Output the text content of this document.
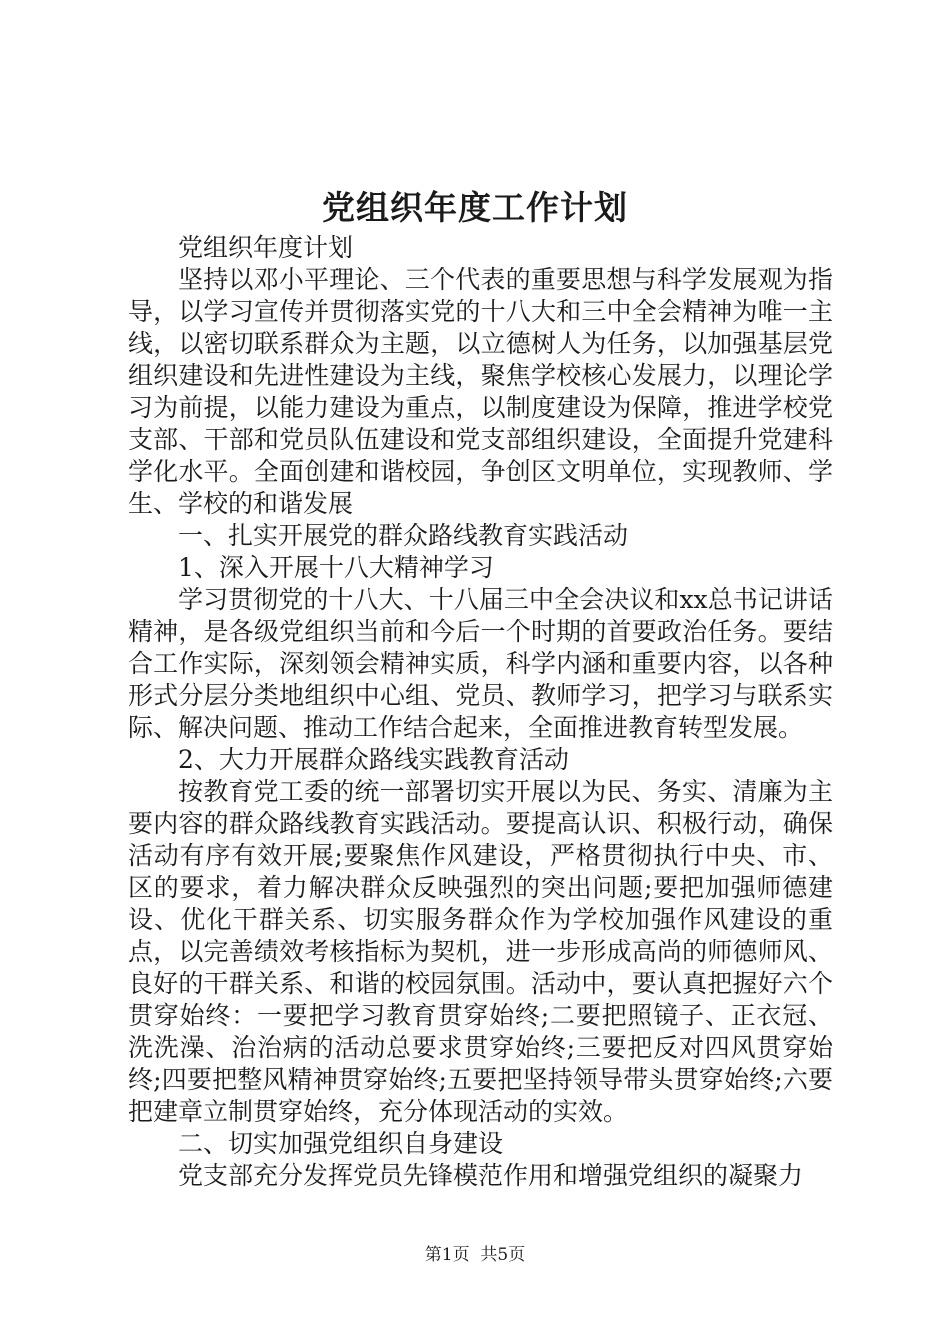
党组织年度工作计划

党组织年度计划

坚持以邓小平理论、三个代表的重要思想与科学发展观为指导，以学习宣传并贯彻落实党的十八大和三中全会精神为唯一主线，以密切联系群众为主题，以立德树人为任务，以加强基层党组织建设和先进性建设为主线，聚焦学校核心发展力，以理论学习为前提，以能力建设为重点，以制度建设为保障，推进学校党支部、干部和党员队伍建设和党支部组织建设，全面提升党建科学化水平。全面创建和谐校园，争创区文明单位，实现教师、学生、学校的和谐发展

一、扎实开展党的群众路线教育实践活动

1、深入开展十八大精神学习

学习贯彻党的十八大、十八届三中全会决议和xx总书记讲话精神，是各级党组织当前和今后一个时期的首要政治任务。要结合工作实际，深刻领会精神实质，科学内涵和重要内容，以各种形式分层分类地组织中心组、党员、教师学习，把学习与联系实际、解决问题、推动工作结合起来，全面推进教育转型发展。

2、大力开展群众路线实践教育活动

按教育党工委的统一部署切实开展以为民、务实、清廉为主要内容的群众路线教育实践活动。要提高认识、积极行动，确保活动有序有效开展;要聚焦作风建设，严格贯彻执行中央、市、区的要求，着力解决群众反映强烈的突出问题;要把加强师德建设、优化干群关系、切实服务群众作为学校加强作风建设的重点，以完善绩效考核指标为契机，进一步形成高尚的师德师风、良好的干群关系、和谐的校园氛围。活动中，要认真把握好六个贯穿始终：一要把学习教育贯穿始终;二要把照镜子、正衣冠、洗洗澡、治治病的活动总要求贯穿始终;三要把反对四风贯穿始终;四要把整风精神贯穿始终;五要把坚持领导带头贯穿始终;六要把建章立制贯穿始终，充分体现活动的实效。

二、切实加强党组织自身建设

党支部充分发挥党员先锋模范作用和增强党组织的凝聚力

第1页  共5页
